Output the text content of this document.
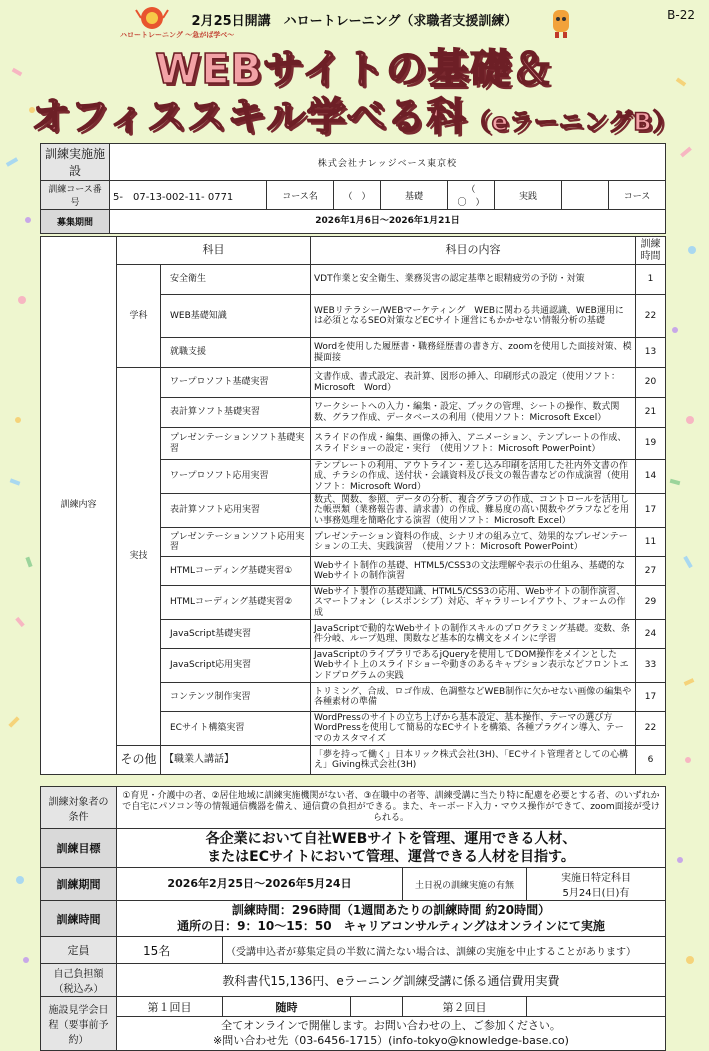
ハロートレーニング ～急がば学べ～
2月25日開講　ハロートレーニング（求職者支援訓練）	B-22
WEBサイトの基礎＆
オフィススキル学べる科（eラーニングB）
訓練実施施設	株式会社ナレッジベース東京校							
訓練コース番号	5-　07-13-002-11- 0771	コース名	（　）	基礎	（　〇　）	実践		コース
募集期間	2026年1月6日～2026年1月21日							
訓練内容	科目		科目の内容	訓練時間
	学科	安全衛生	VDT作業と安全衛生、業務災害の認定基準と眼精疲労の予防・対策	1
		WEB基礎知識	WEBリテラシー/WEBマーケティング　WEBに関わる共通認識、WEB運用には必須となるSEO対策などECサイト運営にもかかせない情報分析の基礎	22
		就職支援	Wordを使用した履歴書・職務経歴書の書き方、zoomを使用した面接対策、模擬面接	13
	実技	ワープロソフト基礎実習	文書作成、書式設定、表計算、図形の挿入、印刷形式の設定（使用ソフト：Microsoft　Word）	20
		表計算ソフト基礎実習	ワークシートへの入力・編集・設定、ブックの管理、シートの操作、数式関数、グラフ作成、データベースの利用（使用ソフト：Microsoft Excel）	21
		プレゼンテーションソフト基礎実習	スライドの作成・編集、画像の挿入、アニメーション、テンプレートの作成、スライドショーの設定・実行　（使用ソフト：Microsoft PowerPoint）	19
		ワープロソフト応用実習	テンプレートの利用、アウトライン・差し込み印刷を活用した社内外文書の作成、チラシの作成、送付状・会議資料及び長文の報告書などの作成演習（使用ソフト：Microsoft Word）	14
		表計算ソフト応用実習	数式、関数、参照、データの分析、複合グラフの作成、コントロールを活用した帳票類（業務報告書、請求書）の作成、難易度の高い関数やグラフなどを用い事務処理を簡略化する演習（使用ソフト：Microsoft Excel）	17
		プレゼンテーションソフト応用実習	プレゼンテーション資料の作成、シナリオの組み立て、効果的なプレゼンテーションの工夫、実践演習　（使用ソフト：Microsoft PowerPoint）	11
		HTMLコーディング基礎実習①	Webサイト制作の基礎、HTML5/CSS3の文法理解や表示の仕組み、基礎的なWebサイトの制作演習	27
		HTMLコーディング基礎実習②	Webサイト製作の基礎知識、HTML5/CSS3の応用、Webサイトの制作演習、スマートフォン（レスポンシブ）対応、ギャラリーレイアウト、フォームの作成	29
		JavaScript基礎実習	JavaScriptで動的なWebサイトの制作スキルのプログラミング基礎。変数、条件分岐、ループ処理、関数など基本的な構文をメインに学習	24
		JavaScript応用実習	JavaScriptのライブラリであるjQueryを使用してDOM操作をメインとしたWebサイト上のスライドショーや動きのあるキャプション表示などフロントエンドプログラムの実践	33
		コンテンツ制作実習	トリミング、合成、ロゴ作成、色調整などWEB制作に欠かせない画像の編集や各種素材の準備	17
		ECサイト構築実習	WordPressのサイトの立ち上げから基本設定、基本操作、テーマの選び方　WordPressを使用して簡易的なECサイトを構築、各種プラグイン導入、テーマのカスタマイズ	22
	その他	【職業人講話】	「夢を持って働く」日本リック株式会社(3H)、「ECサイト管理者としての心構え」Giving株式会社(3H)	6
訓練対象者の条件	①育児・介護中の者、②居住地域に訓練実施機関がない者、③在職中の者等、訓練受講に当たり特に配慮を必要とする者、のいずれかで自宅にパソコン等の情報通信機器を備え、通信費の負担ができる。また、キーボード入力・マウス操作ができて、zoom面接が受けられる。				
訓練目標	各企業において自社WEBサイトを管理、運用できる人材、
またはECサイトにおいて管理、運営できる人材を目指す。				

訓練期間	2026年2月25日～2026年5月24日			土日祝の訓練実施の有無	実施日特定科目
5月24日(日)有

訓練時間	訓練時間：296時間（1週間あたりの訓練時間 約20時間）
通所の日：9：10～15：50　キャリアコンサルティングはオンラインにて実施				

定員	15名	（受講申込者が募集定員の半数に満たない場合は、訓練の実施を中止することがあります）			
自己負担額（税込み）	教科書代15,136円、eラーニング訓練受講に係る通信費用実費				
施設見学会日程（要事前予約）	第１回目	随時		第２回目	

	全てオンラインで開催します。お問い合わせの上、ご参加ください。
※問い合わせ先（03-6456-1715）(info-tokyo@knowledge-base.co)				
